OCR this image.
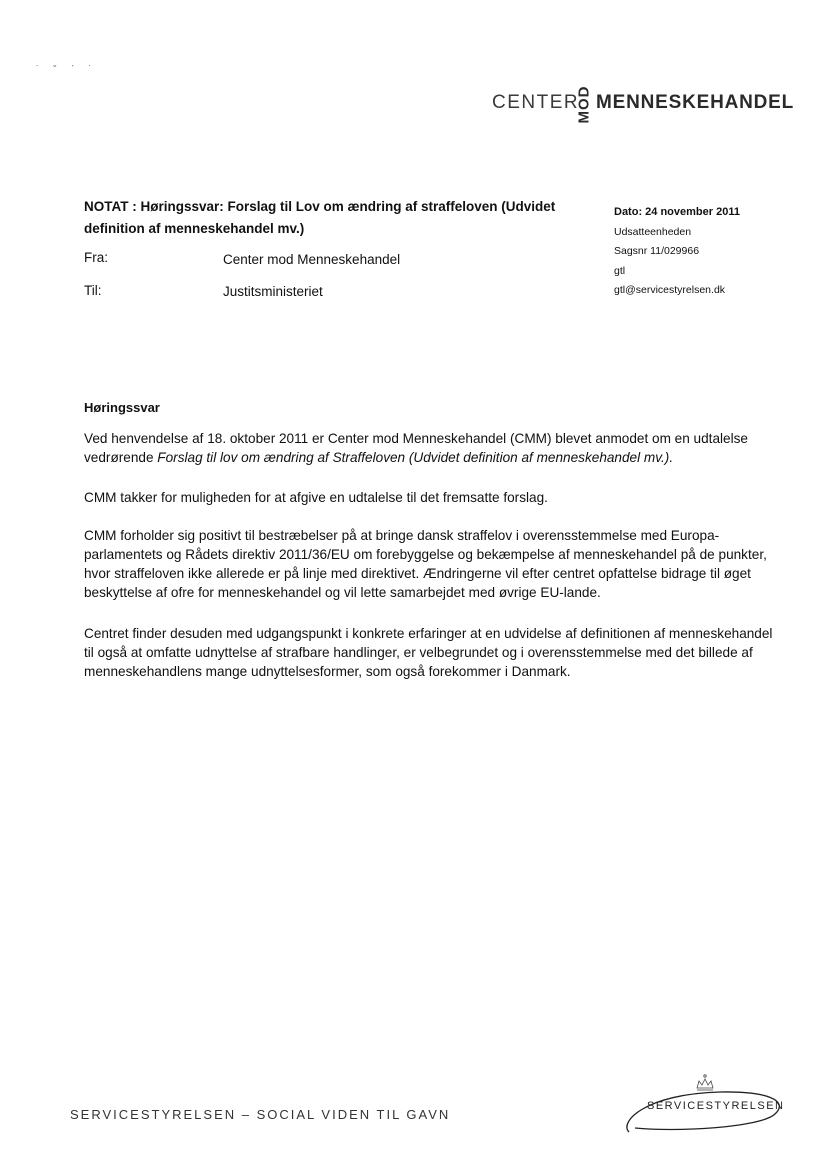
˙ ˘ ˊ ˙
CENTER
MOD MENNESKEHANDEL
NOTAT : Høringssvar: Forslag til Lov om ændring af straffeloven (Udvidet definition af menneskehandel mv.)
Fra:	Center mod Menneskehandel
Til:	Justitsministeriet
Dato: 24 november 2011
Udsatteenheden
Sagsnr 11/029966
gtl
gtl@servicestyrelsen.dk
Høringssvar
Ved henvendelse af 18. oktober 2011 er Center mod Menneskehandel (CMM) blevet anmodet om en udtalelse vedrørende Forslag til lov om ændring af Straffeloven (Udvidet definition af menneskehandel mv.).
CMM takker for muligheden for at afgive en udtalelse til det fremsatte forslag.
CMM forholder sig positivt til bestræbelser på at bringe dansk straffelov i overensstemmelse med Europa-parlamentets og Rådets direktiv 2011/36/EU om forebyggelse og bekæmpelse af menneskehandel på de punkter, hvor straffeloven ikke allerede er på linje med direktivet. Ændringerne vil efter centret opfattelse bidrage til øget beskyttelse af ofre for menneskehandel og vil lette samarbejdet med øvrige EU-lande.
Centret finder desuden med udgangspunkt i konkrete erfaringer at en udvidelse af definitionen af menneskehandel til også at omfatte udnyttelse af strafbare handlinger, er velbegrundet og i overensstemmelse med det billede af menneskehandlens mange udnyttelsesformer, som også forekommer i Danmark.
SERVICESTYRELSEN – SOCIAL VIDEN TIL GAVN
SERVICESTYRELSEN
